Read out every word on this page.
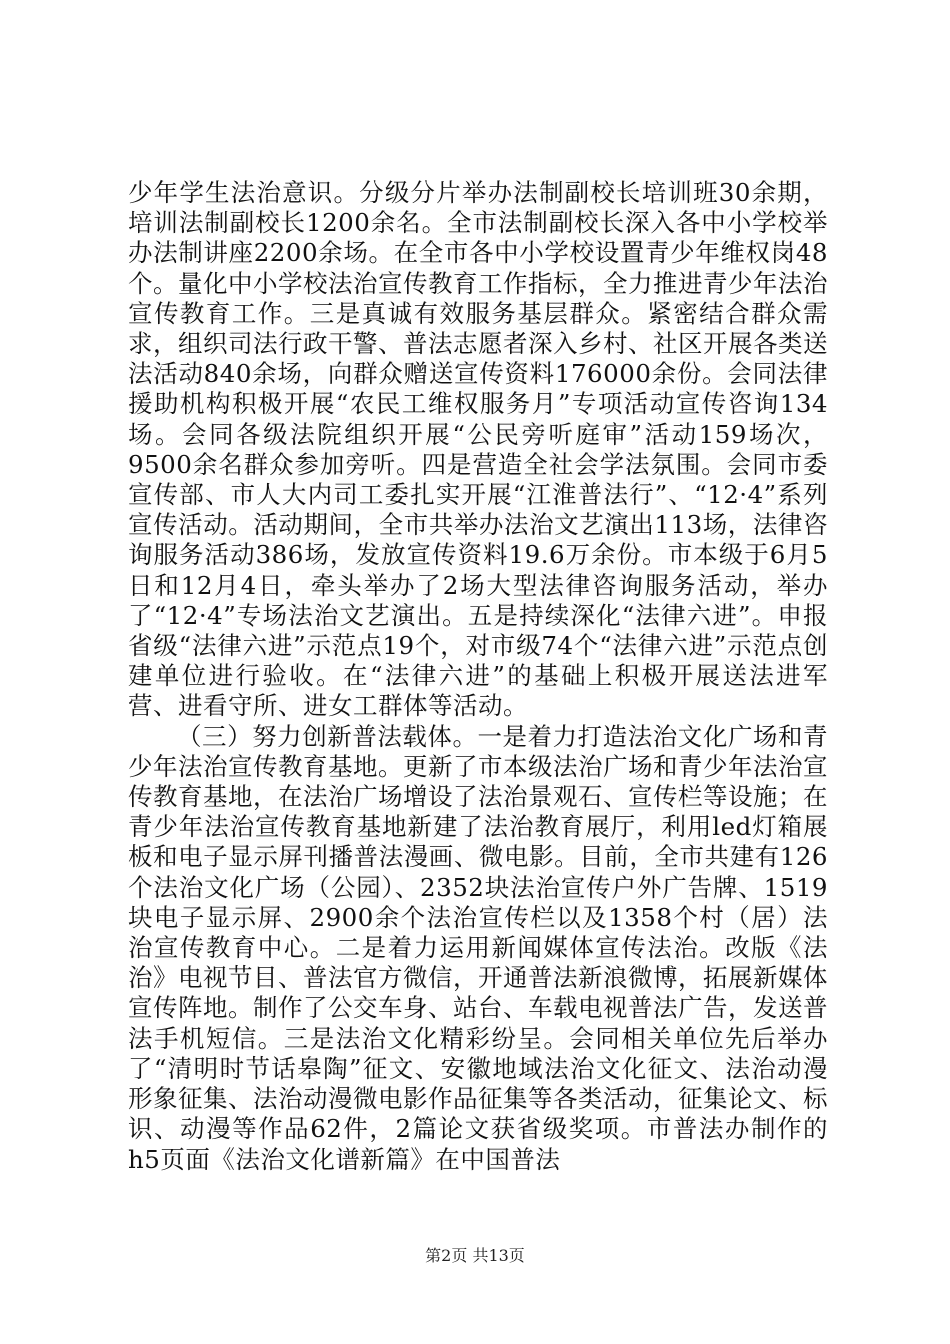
少年学生法治意识。分级分片举办法制副校长培训班30余期，培训法制副校长1200余名。全市法制副校长深入各中小学校举办法制讲座2200余场。在全市各中小学校设置青少年维权岗48个。量化中小学校法治宣传教育工作指标，全力推进青少年法治宣传教育工作。三是真诚有效服务基层群众。紧密结合群众需求，组织司法行政干警、普法志愿者深入乡村、社区开展各类送法活动840余场，向群众赠送宣传资料176000余份。会同法律援助机构积极开展“农民工维权服务月”专项活动宣传咨询134场。会同各级法院组织开展“公民旁听庭审”活动159场次，9500余名群众参加旁听。四是营造全社会学法氛围。会同市委宣传部、市人大内司工委扎实开展“江淮普法行”、“12·4”系列宣传活动。活动期间，全市共举办法治文艺演出113场，法律咨询服务活动386场，发放宣传资料19.6万余份。市本级于6月5日和12月4日，牵头举办了2场大型法律咨询服务活动，举办了“12·4”专场法治文艺演出。五是持续深化“法律六进”。申报省级“法律六进”示范点19个，对市级74个“法律六进”示范点创建单位进行验收。在“法律六进”的基础上积极开展送法进军营、进看守所、进女工群体等活动。

（三）努力创新普法载体。一是着力打造法治文化广场和青少年法治宣传教育基地。更新了市本级法治广场和青少年法治宣传教育基地，在法治广场增设了法治景观石、宣传栏等设施；在青少年法治宣传教育基地新建了法治教育展厅，利用led灯箱展板和电子显示屏刊播普法漫画、微电影。目前，全市共建有126个法治文化广场（公园）、2352块法治宣传户外广告牌、1519块电子显示屏、2900余个法治宣传栏以及1358个村（居）法治宣传教育中心。二是着力运用新闻媒体宣传法治。改版《法治》电视节目、普法官方微信，开通普法新浪微博，拓展新媒体宣传阵地。制作了公交车身、站台、车载电视普法广告，发送普法手机短信。三是法治文化精彩纷呈。会同相关单位先后举办了“清明时节话皋陶”征文、安徽地域法治文化征文、法治动漫形象征集、法治动漫微电影作品征集等各类活动，征集论文、标识、动漫等作品62件，2篇论文获省级奖项。市普法办制作的h5页面《法治文化谱新篇》在中国普法

第2页 共13页
